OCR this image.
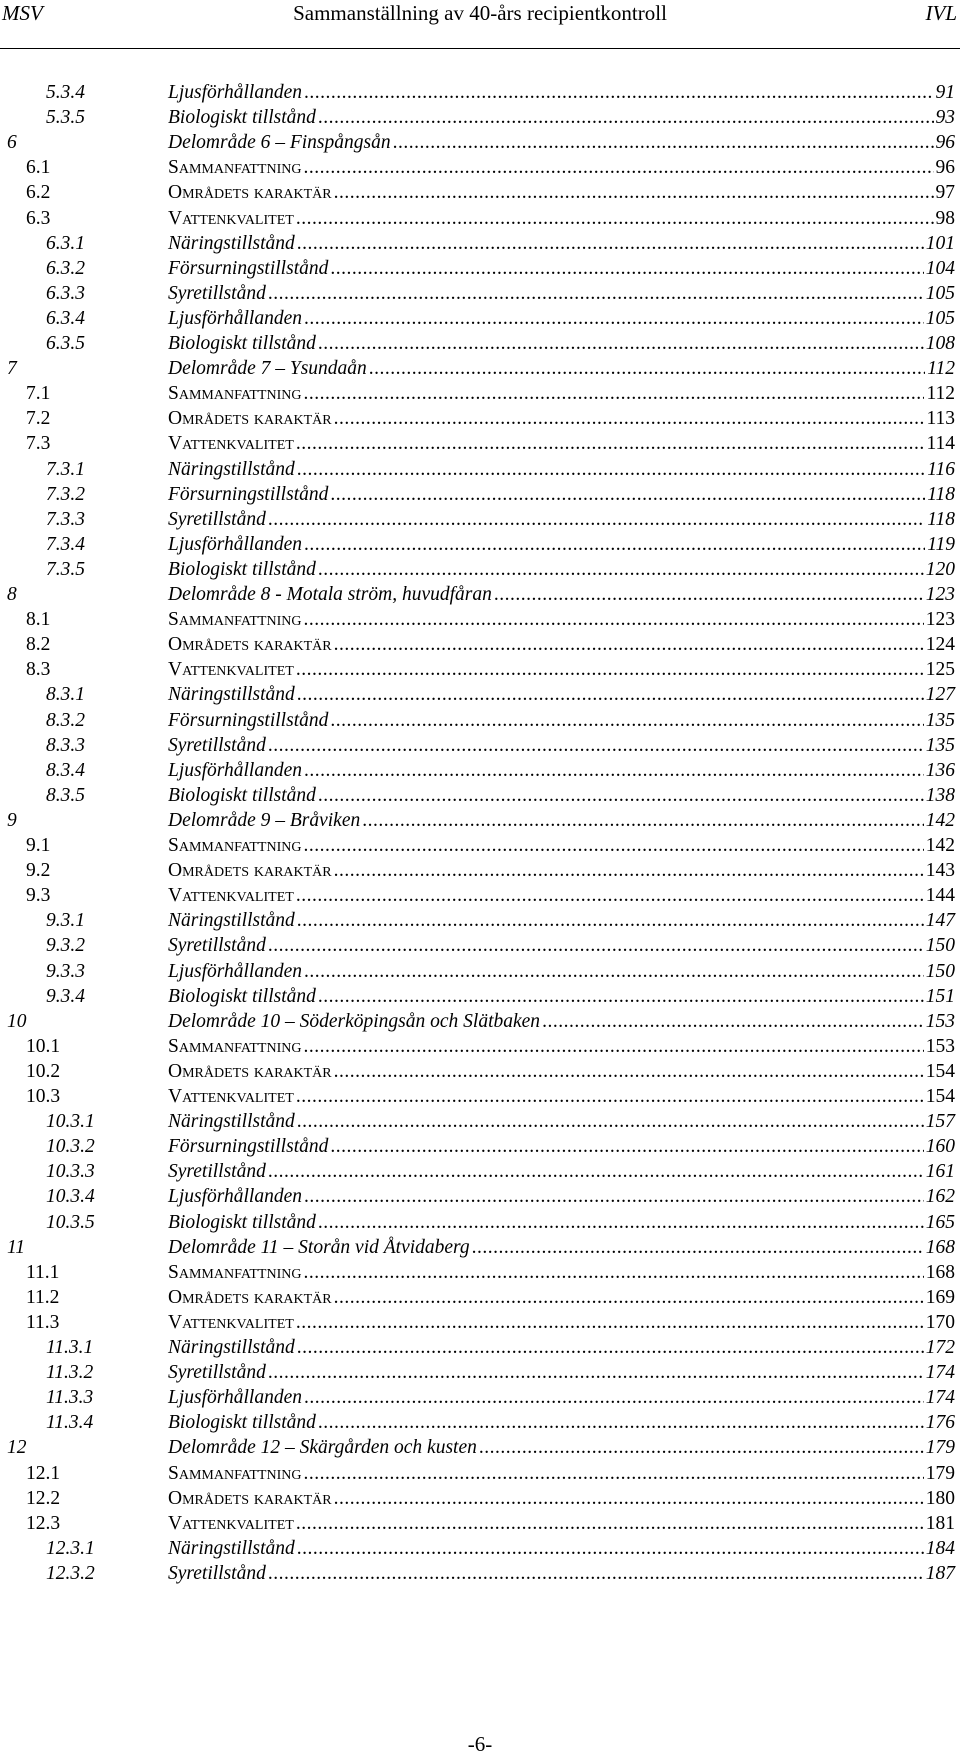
Sammanställning av 40-års recipientkontroll
MSV	IVL
5.3.4	Ljusförhållanden .....	91
5.3.5	Biologiskt tillstånd .....	93
6	Delområde 6 – Finspångsån .....	96
6.1	Sammanfattning .....	96
6.2	Områdets karaktär .....	97
6.3	Vattenkvalitet .....	98
6.3.1	Näringstillstånd .....	101
6.3.2	Försurningstillstånd .....	104
6.3.3	Syretillstånd .....	105
6.3.4	Ljusförhållanden .....	105
6.3.5	Biologiskt tillstånd .....	108
7	Delområde 7 – Ysundaån .....	112
7.1	Sammanfattning .....	112
7.2	Områdets karaktär .....	113
7.3	Vattenkvalitet .....	114
7.3.1	Näringstillstånd .....	116
7.3.2	Försurningstillstånd .....	118
7.3.3	Syretillstånd .....	118
7.3.4	Ljusförhållanden .....	119
7.3.5	Biologiskt tillstånd .....	120
8	Delområde 8 - Motala ström, huvudfåran .....	123
8.1	Sammanfattning .....	123
8.2	Områdets karaktär .....	124
8.3	Vattenkvalitet .....	125
8.3.1	Näringstillstånd .....	127
8.3.2	Försurningstillstånd .....	135
8.3.3	Syretillstånd .....	135
8.3.4	Ljusförhållanden .....	136
8.3.5	Biologiskt tillstånd .....	138
9	Delområde 9 – Bråviken .....	142
9.1	Sammanfattning .....	142
9.2	Områdets karaktär .....	143
9.3	Vattenkvalitet .....	144
9.3.1	Näringstillstånd .....	147
9.3.2	Syretillstånd .....	150
9.3.3	Ljusförhållanden .....	150
9.3.4	Biologiskt tillstånd .....	151
10	Delområde 10 – Söderköpingsån och Slätbaken .....	153
10.1	Sammanfattning .....	153
10.2	Områdets karaktär .....	154
10.3	Vattenkvalitet .....	154
10.3.1	Näringstillstånd .....	157
10.3.2	Försurningstillstånd .....	160
10.3.3	Syretillstånd .....	161
10.3.4	Ljusförhållanden .....	162
10.3.5	Biologiskt tillstånd .....	165
11	Delområde 11 – Storån vid Åtvidaberg .....	168
11.1	Sammanfattning .....	168
11.2	Områdets karaktär .....	169
11.3	Vattenkvalitet .....	170
11.3.1	Näringstillstånd .....	172
11.3.2	Syretillstånd .....	174
11.3.3	Ljusförhållanden .....	174
11.3.4	Biologiskt tillstånd .....	176
12	Delområde 12 – Skärgården och kusten .....	179
12.1	Sammanfattning .....	179
12.2	Områdets karaktär .....	180
12.3	Vattenkvalitet .....	181
12.3.1	Näringstillstånd .....	184
12.3.2	Syretillstånd .....	187
-6-
